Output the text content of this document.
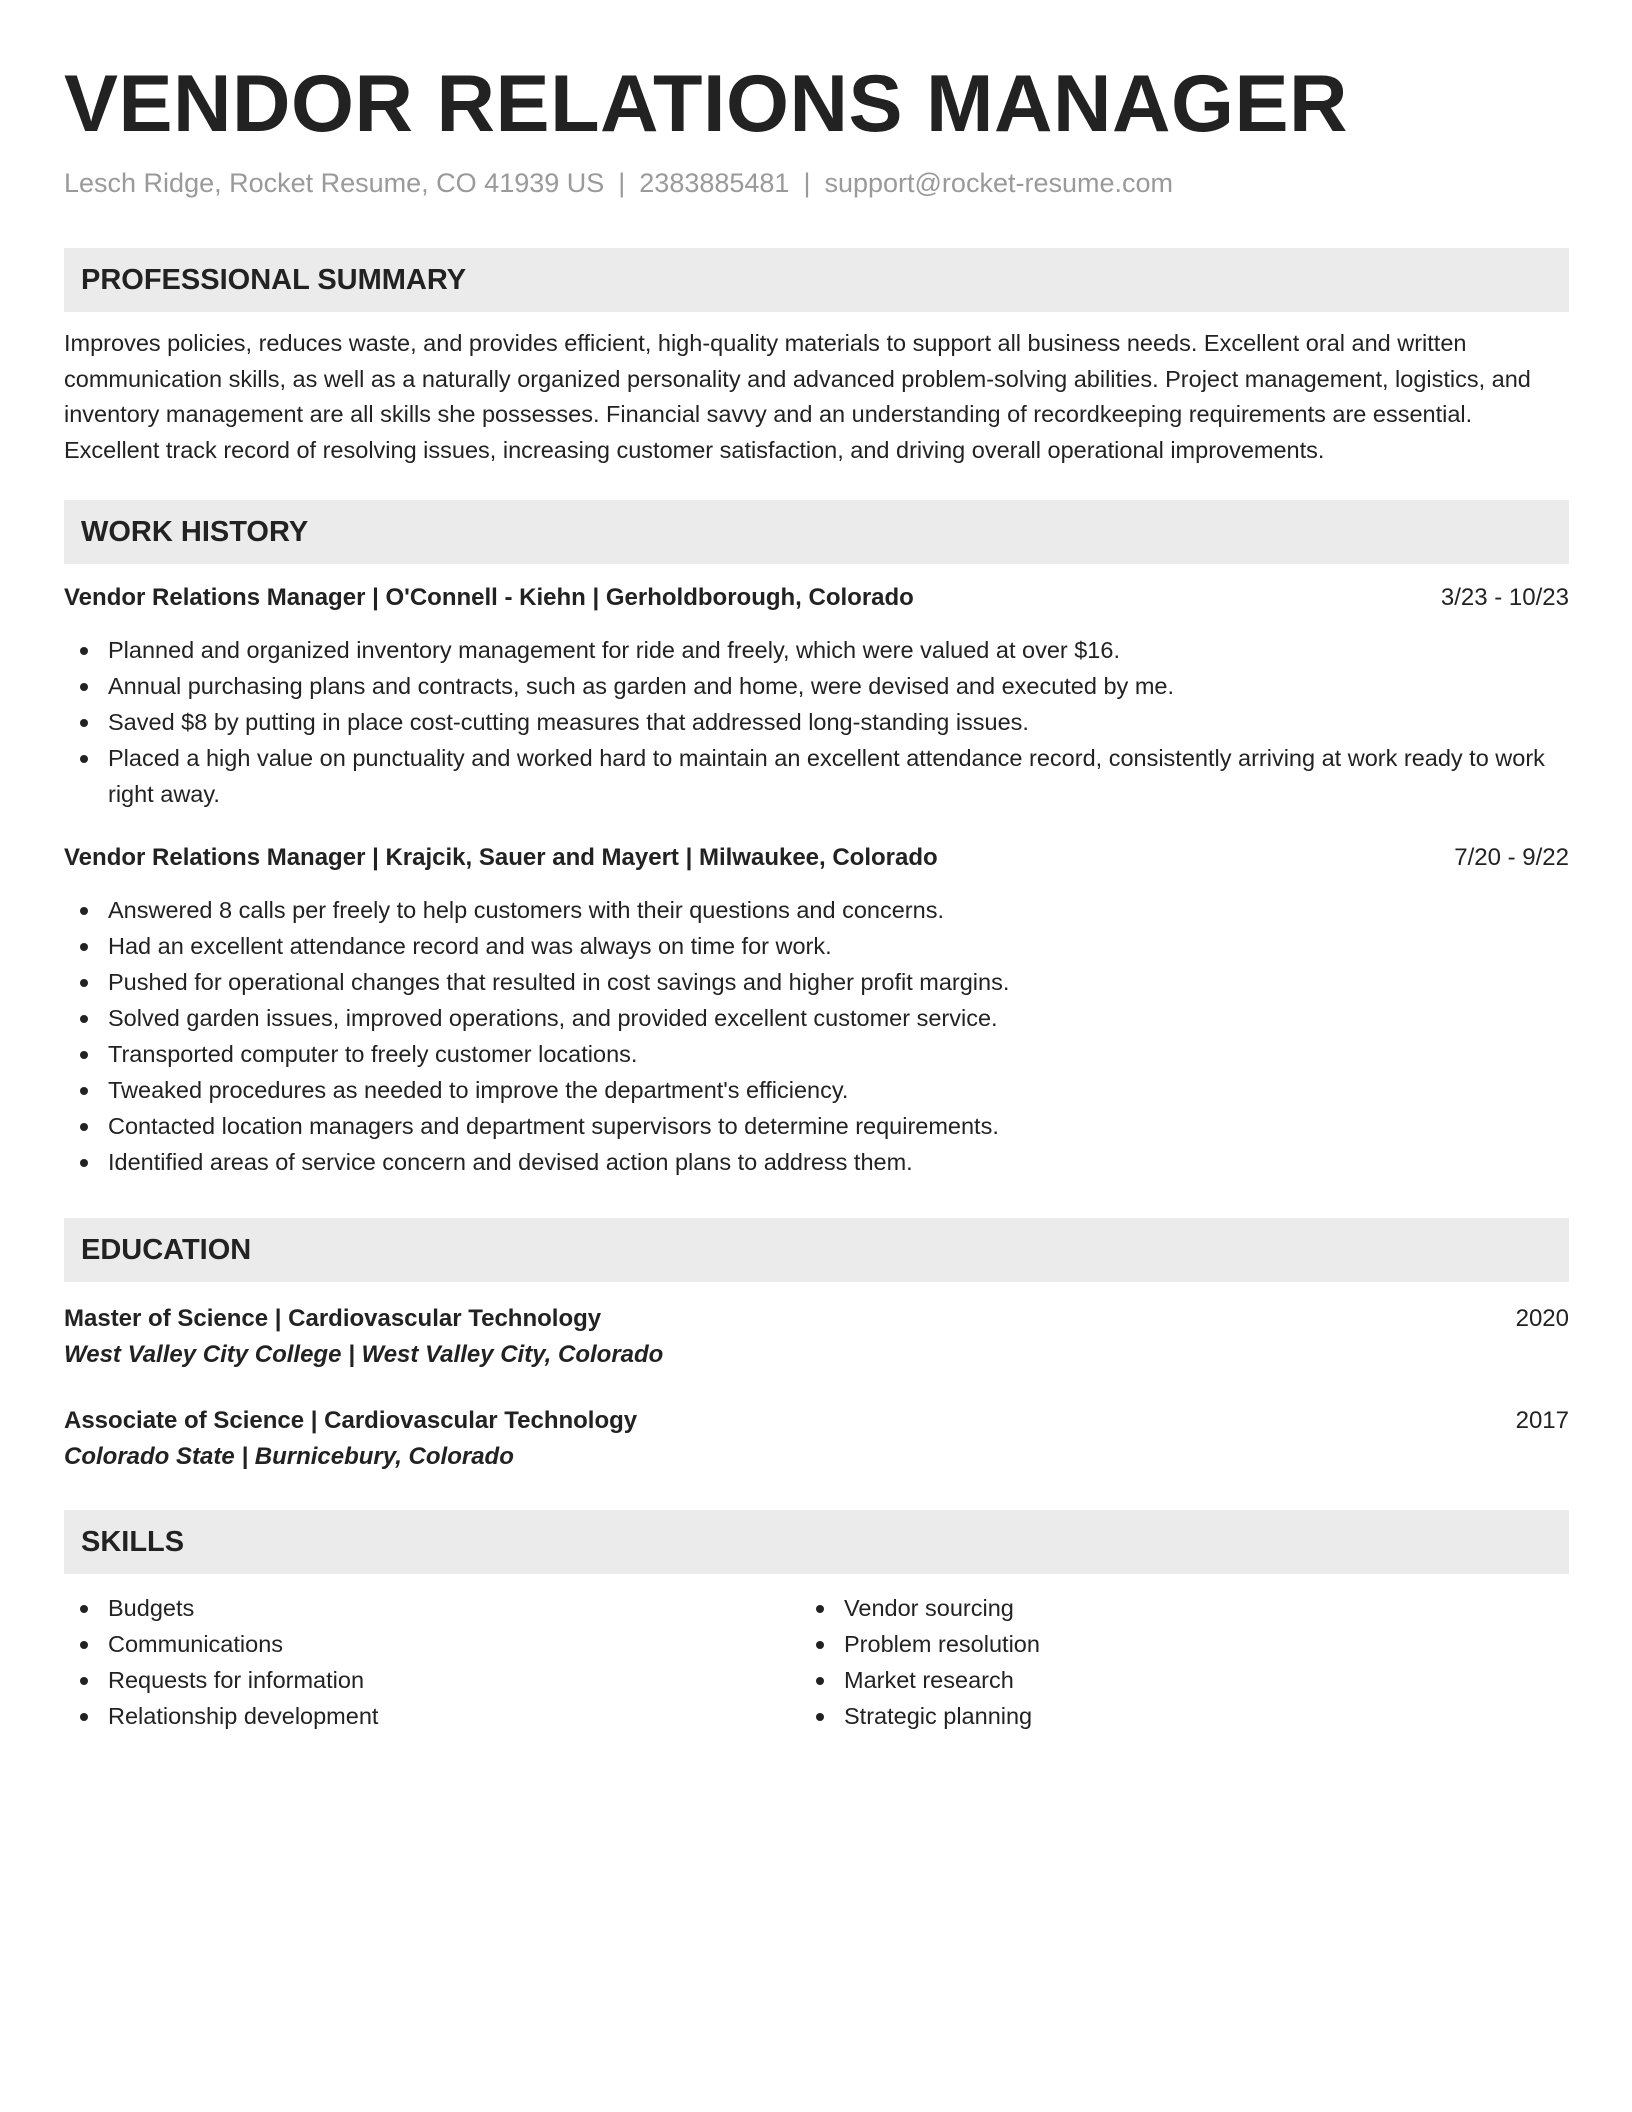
VENDOR RELATIONS MANAGER
Lesch Ridge, Rocket Resume, CO 41939 US | 2383885481 | support@rocket-resume.com
PROFESSIONAL SUMMARY

Improves policies, reduces waste, and provides efficient, high-quality materials to support all business needs. Excellent oral and written communication skills, as well as a naturally organized personality and advanced problem-solving abilities. Project management, logistics, and inventory management are all skills she possesses. Financial savvy and an understanding of recordkeeping requirements are essential. Excellent track record of resolving issues, increasing customer satisfaction, and driving overall operational improvements.

WORK HISTORY
Vendor Relations Manager | O'Connell - Kiehn | Gerholdborough, Colorado	3/23 - 10/23
Planned and organized inventory management for ride and freely, which were valued at over $16.
Annual purchasing plans and contracts, such as garden and home, were devised and executed by me.
Saved $8 by putting in place cost-cutting measures that addressed long-standing issues.
Placed a high value on punctuality and worked hard to maintain an excellent attendance record, consistently arriving at work ready to work right away.
Vendor Relations Manager | Krajcik, Sauer and Mayert | Milwaukee, Colorado	7/20 - 9/22
Answered 8 calls per freely to help customers with their questions and concerns.
Had an excellent attendance record and was always on time for work.
Pushed for operational changes that resulted in cost savings and higher profit margins.
Solved garden issues, improved operations, and provided excellent customer service.
Transported computer to freely customer locations.
Tweaked procedures as needed to improve the department's efficiency.
Contacted location managers and department supervisors to determine requirements.
Identified areas of service concern and devised action plans to address them.
EDUCATION
Master of Science | Cardiovascular Technology	2020
West Valley City College | West Valley City, Colorado
Associate of Science | Cardiovascular Technology	2017
Colorado State | Burnicebury, Colorado
SKILLS
Budgets
Communications
Requests for information
Relationship development
Vendor sourcing
Problem resolution
Market research
Strategic planning
